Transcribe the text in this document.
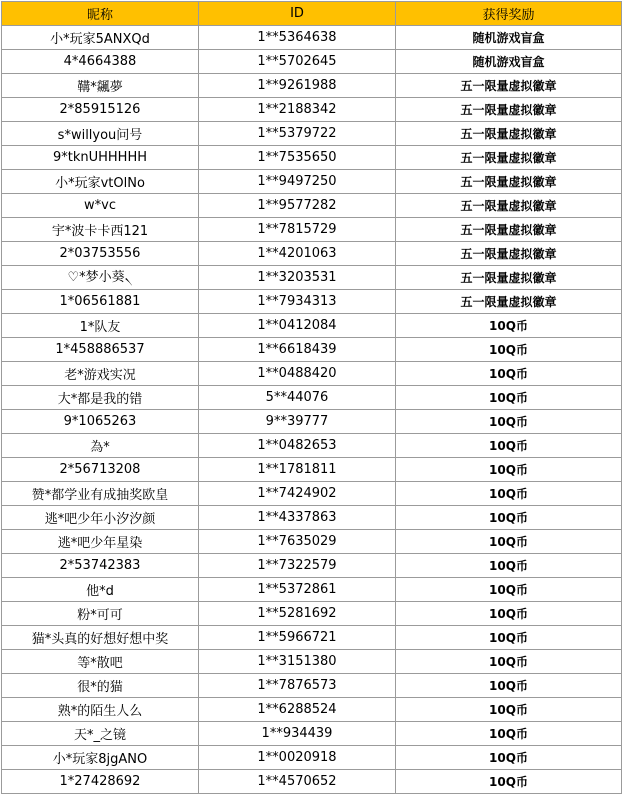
昵称	ID	获得奖励
小*玩家5ANXQd	1**5364638	随机游戏盲盒
4*4664388	1**5702645	随机游戏盲盒
鞲*飊夢	1**9261988	五一限量虚拟徽章
2*85915126	1**2188342	五一限量虚拟徽章
s*willyou问号	1**5379722	五一限量虚拟徽章
9*tknUHHHHH	1**7535650	五一限量虚拟徽章
小*玩家vtOlNo	1**9497250	五一限量虚拟徽章
w*vc	1**9577282	五一限量虚拟徽章
宇*波卡卡西121	1**7815729	五一限量虚拟徽章
2*03753556	1**4201063	五一限量虚拟徽章
♡*梦小葵৲	1**3203531	五一限量虚拟徽章
1*06561881	1**7934313	五一限量虚拟徽章
1*队友	1**0412084	10Q币
1*458886537	1**6618439	10Q币
老*游戏实况	1**0488420	10Q币
大*都是我的错	5**44076	10Q币
9*1065263	9**39777	10Q币
為*	1**0482653	10Q币
2*56713208	1**1781811	10Q币
赞*都学业有成抽奖欧皇	1**7424902	10Q币
逃*吧少年小汐汐颜	1**4337863	10Q币
逃*吧少年星染	1**7635029	10Q币
2*53742383	1**7322579	10Q币
他*d	1**5372861	10Q币
粉*可可	1**5281692	10Q币
猫*头真的好想好想中奖	1**5966721	10Q币
等*散吧	1**3151380	10Q币
很*的猫	1**7876573	10Q币
熟*的陌生人么	1**6288524	10Q币
天*_之镜	1**934439	10Q币
小*玩家8jgANO	1**0020918	10Q币
1*27428692	1**4570652	10Q币
